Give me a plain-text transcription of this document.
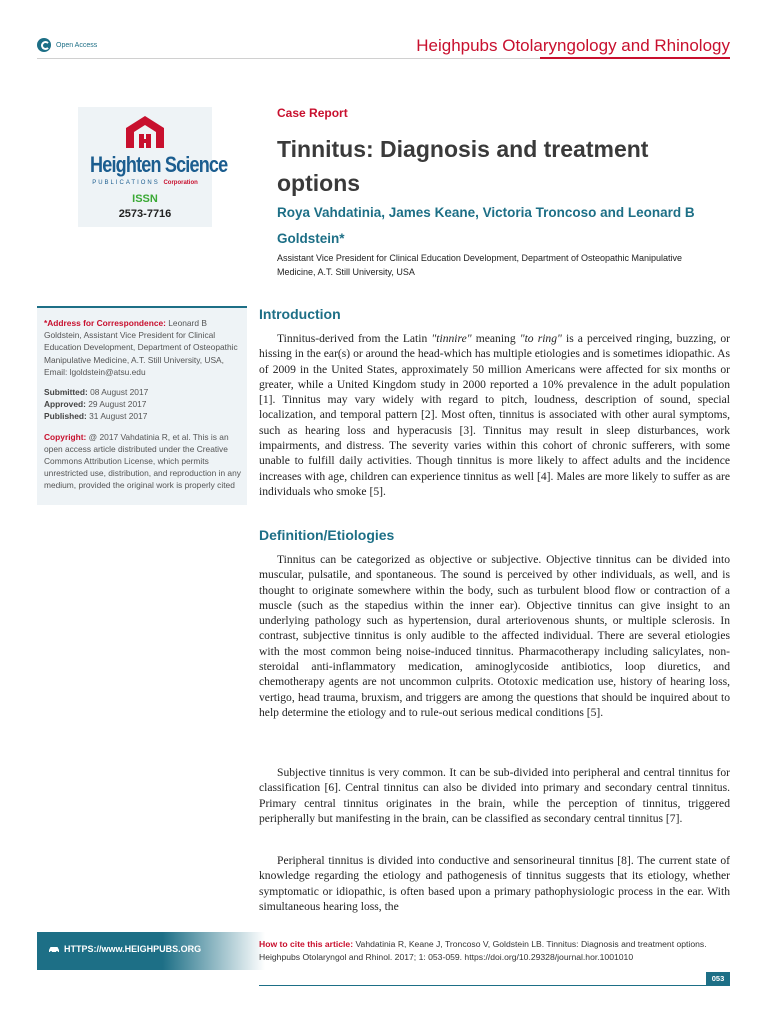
Open Access	Heighpubs Otolaryngology and Rhinology
Heighten Science
PUBLICATIONS Corporation
ISSN
2573-7716
Case Report
Tinnitus: Diagnosis and treatment options
Roya Vahdatinia, James Keane, Victoria Troncoso and Leonard B Goldstein*
Assistant Vice President for Clinical Education Development, Department of Osteopathic Manipulative Medicine, A.T. Still University, USA
*Address for Correspondence: Leonard B Goldstein, Assistant Vice President for Clinical Education Development, Department of Osteopathic Manipulative Medicine, A.T. Still University, USA, Email: lgoldstein@atsu.edu
Submitted: 08 August 2017
Approved: 29 August 2017
Published: 31 August 2017
Copyright: @ 2017 Vahdatinia R, et al. This is an open access article distributed under the Creative Commons Attribution License, which permits unrestricted use, distribution, and reproduction in any medium, provided the original work is properly cited
Introduction
Tinnitus-derived from the Latin "tinnire" meaning "to ring" is a perceived ringing, buzzing, or hissing in the ear(s) or around the head-which has multiple etiologies and is sometimes idiopathic. As of 2009 in the United States, approximately 50 million Americans were affected for six months or greater, while a United Kingdom study in 2000 reported a 10% prevalence in the adult population [1]. Tinnitus may vary widely with regard to pitch, loudness, description of sound, special localization, and temporal pattern [2]. Most often, tinnitus is associated with other aural symptoms, such as hearing loss and hyperacusis [3]. Tinnitus may result in sleep disturbances, work impairments, and distress. The severity varies within this cohort of chronic sufferers, with some unable to fulfill daily activities. Though tinnitus is more likely to affect adults and the incidence increases with age, children can experience tinnitus as well [4]. Males are more likely to suffer as are individuals who smoke [5].
Definition/Etiologies
Tinnitus can be categorized as objective or subjective. Objective tinnitus can be divided into muscular, pulsatile, and spontaneous. The sound is perceived by other individuals, as well, and is thought to originate somewhere within the body, such as turbulent blood flow or contraction of a muscle (such as the stapedius within the inner ear). Objective tinnitus can give insight to an underlying pathology such as hypertension, dural arteriovenous shunts, or multiple sclerosis. In contrast, subjective tinnitus is only audible to the affected individual. There are several etiologies with the most common being noise-induced tinnitus. Pharmacotherapy including salicylates, non-steroidal anti-inflammatory medication, aminoglycoside antibiotics, loop diuretics, and chemotherapy agents are not uncommon culprits. Ototoxic medication use, history of hearing loss, vertigo, head trauma, bruxism, and triggers are among the questions that should be inquired about to help determine the etiology and to rule-out serious medical conditions [5].
Subjective tinnitus is very common. It can be sub-divided into peripheral and central tinnitus for classification [6]. Central tinnitus can also be divided into primary and secondary central tinnitus. Primary central tinnitus originates in the brain, while the perception of tinnitus, triggered peripherally but manifesting in the brain, can be classified as secondary central tinnitus [7].
Peripheral tinnitus is divided into conductive and sensorineural tinnitus [8]. The current state of knowledge regarding the etiology and pathogenesis of tinnitus suggests that its etiology, whether symptomatic or idiopathic, is often based upon a primary pathophysiologic process in the ear. With simultaneous hearing loss, the
HTTPS://www.HEIGHPUBS.ORG	How to cite this article: Vahdatinia R, Keane J, Troncoso V, Goldstein LB. Tinnitus: Diagnosis and treatment options. Heighpubs Otolaryngol and Rhinol. 2017; 1: 053-059. https://doi.org/10.29328/journal.hor.1001010
053
